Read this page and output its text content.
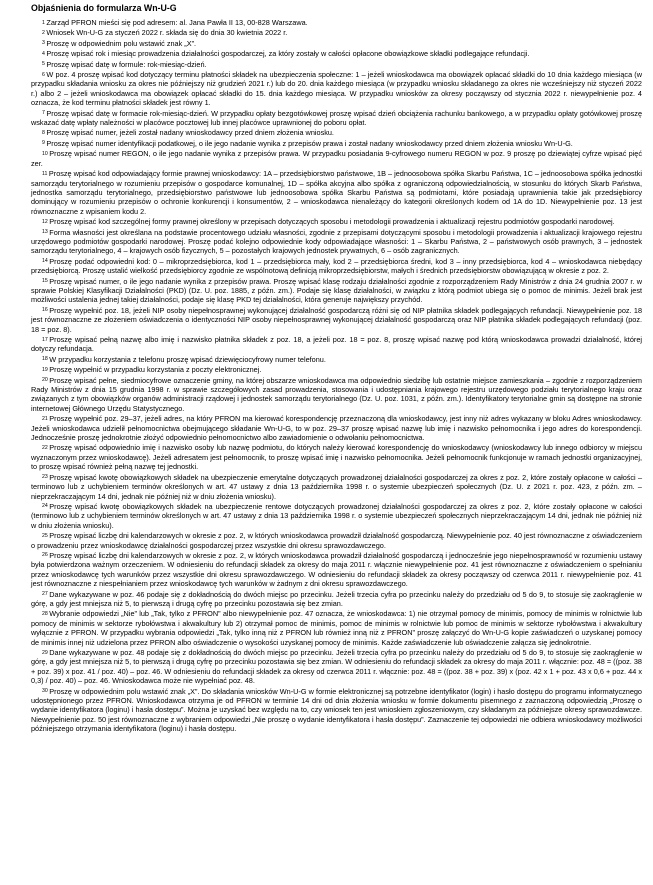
Objaśnienia do formularza Wn-U-G

$^1$ Zarząd PFRON mieści się pod adresem: al. Jana Pawła II 13, 00-828 Warszawa.

$^2$ Wniosek Wn-U-G za styczeń 2022 r. składa się do dnia 30 kwietnia 2022 r.

$^3$ Proszę w odpowiednim polu wstawić znak „X”.

$^4$ Proszę wpisać rok i miesiąc prowadzenia działalności gospodarczej, za który zostały w całości opłacone obowiązkowe składki podlegające refundacji.

$^5$ Proszę wpisać datę w formule: rok-miesiąc-dzień.

$^6$ W poz. 4 proszę wpisać kod dotyczący terminu płatności składek na ubezpieczenia społeczne: 1 – jeżeli wnioskodawca ma obowiązek opłacać składki do 10 dnia każdego miesiąca (w przypadku składania wniosku za okres nie późniejszy niż grudzień 2021 r.) lub do 20. dnia każdego miesiąca (w przypadku wniosku składanego za okres nie wcześniejszy niż styczeń 2022 r.) albo 2 – jeżeli wnioskodawca ma obowiązek opłacać składki do 15. dnia każdego miesiąca. W przypadku wniosków za okresy począwszy od stycznia 2022 r. niewypełnienie poz. 4 oznacza, że kod terminu płatności składek jest równy 1.

$^7$ Proszę wpisać datę w formacie rok-miesiąc-dzień. W przypadku opłaty bezgotówkowej proszę wpisać dzień obciążenia rachunku bankowego, a w przypadku opłaty gotówkowej proszę wskazać datę wpłaty należności w placówce pocztowej lub innej placówce uprawnionej do poboru opłat.

$^8$ Proszę wpisać numer, jeżeli został nadany wnioskodawcy przed dniem złożenia wniosku.

$^9$ Proszę wpisać numer identyfikacji podatkowej, o ile jego nadanie wynika z przepisów prawa i został nadany wnioskodawcy przed dniem złożenia wniosku Wn-U-G.

$^{10}$ Proszę wpisać numer REGON, o ile jego nadanie wynika z przepisów prawa. W przypadku posiadania 9-cyfrowego numeru REGON w poz. 9 proszę po dziewiątej cyfrze wpisać pięć zer.

$^{11}$ Proszę wpisać kod odpowiadający formie prawnej wnioskodawcy: 1A – przedsiębiorstwo państwowe, 1B – jednoosobowa spółka Skarbu Państwa, 1C – jednoosobowa spółka jednostki samorządu terytorialnego w rozumieniu przepisów o gospodarce komunalnej, 1D – spółka akcyjna albo spółka z ograniczoną odpowiedzialnością, w stosunku do których Skarb Państwa, jednostka samorządu terytorialnego, przedsiębiorstwo państwowe lub jednoosobowa spółka Skarbu Państwa są podmiotami, które posiadają uprawnienia takie jak przedsiębiorcy dominujący w rozumieniu przepisów o ochronie konkurencji i konsumentów, 2 – wnioskodawca nienależący do kategorii określonych kodem od 1A do 1D. Niewypełnienie poz. 13 jest równoznaczne z wpisaniem kodu 2.

$^{12}$ Proszę wpisać kod szczególnej formy prawnej określony w przepisach dotyczących sposobu i metodologii prowadzenia i aktualizacji rejestru podmiotów gospodarki narodowej.

$^{13}$ Forma własności jest określana na podstawie procentowego udziału własności, zgodnie z przepisami dotyczącymi sposobu i metodologii prowadzenia i aktualizacji krajowego rejestru urzędowego podmiotów gospodarki narodowej. Proszę podać kolejno odpowiednie kody odpowiadające własności: 1 – Skarbu Państwa, 2 – państwowych osób prawnych, 3 – jednostek samorządu terytorialnego, 4 – krajowych osób fizycznych, 5 – pozostałych krajowych jednostek prywatnych, 6 – osób zagranicznych.

$^{14}$ Proszę podać odpowiedni kod: 0 – mikroprzedsiębiorca, kod 1 – przedsiębiorca mały, kod 2 – przedsiębiorca średni, kod 3 – inny przedsiębiorca, kod 4 – wnioskodawca niebędący przedsiębiorcą. Proszę ustalić wielkość przedsiębiorcy zgodnie ze wspólnotową definicją mikroprzedsiębiorstw, małych i średnich przedsiębiorstw obowiązującą w okresie z poz. 2.

$^{15}$ Proszę wpisać numer, o ile jego nadanie wynika z przepisów prawa. Proszę wpisać klasę rodzaju działalności zgodnie z rozporządzeniem Rady Ministrów z dnia 24 grudnia 2007 r. w sprawie Polskiej Klasyfikacji Działalności (PKD) (Dz. U. poz. 1885, z późn. zm.). Podaje się klasę działalności, w związku z którą podmiot ubiega się o pomoc de minimis. Jeżeli brak jest możliwości ustalenia jednej takiej działalności, podaje się klasę PKD tej działalności, która generuje największy przychód.

$^{16}$ Proszę wypełnić poz. 18, jeżeli NIP osoby niepełnosprawnej wykonującej działalność gospodarczą różni się od NIP płatnika składek podlegających refundacji. Niewypełnienie poz. 18 jest równoznaczne ze złożeniem oświadczenia o identyczności NIP osoby niepełnosprawnej wykonującej działalność gospodarczą oraz NIP płatnika składek podlegających refundacji (poz. 18 = poz. 8).

$^{17}$ Proszę wpisać pełną nazwę albo imię i nazwisko płatnika składek z poz. 18, a jeżeli poz. 18 = poz. 8, proszę wpisać nazwę pod którą wnioskodawca prowadzi działalność, której dotyczy refundacja.

$^{18}$ W przypadku korzystania z telefonu proszę wpisać dziewięciocyfrowy numer telefonu.

$^{19}$ Proszę wypełnić w przypadku korzystania z poczty elektronicznej.

$^{20}$ Proszę wpisać pełne, siedmiocyfrowe oznaczenie gminy, na której obszarze wnioskodawca ma odpowiednio siedzibę lub ostatnie miejsce zamieszkania – zgodnie z rozporządzeniem Rady Ministrów z dnia 15 grudnia 1998 r. w sprawie szczegółowych zasad prowadzenia, stosowania i udostępniania krajowego rejestru urzędowego podziału terytorialnego kraju oraz związanych z tym obowiązków organów administracji rządowej i jednostek samorządu terytorialnego (Dz. U. poz. 1031, z późn. zm.). Identyfikatory terytorialne gmin są dostępne na stronie internetowej Głównego Urzędu Statystycznego.

$^{21}$ Proszę wypełnić poz. 29–37, jeżeli adres, na który PFRON ma kierować korespondencję przeznaczoną dla wnioskodawcy, jest inny niż adres wykazany w bloku Adres wnioskodawcy. Jeżeli wnioskodawca udzielił pełnomocnictwa obejmującego składanie Wn-U-G, to w poz. 29–37 proszę wpisać nazwę lub imię i nazwisko pełnomocnika i jego adres do korespondencji. Jednocześnie proszę jednokrotnie złożyć odpowiednio pełnomocnictwo albo zawiadomienie o odwołaniu pełnomocnictwa.

$^{22}$ Proszę wpisać odpowiednio imię i nazwisko osoby lub nazwę podmiotu, do których należy kierować korespondencję do wnioskodawcy (wnioskodawcy lub innego odbiorcy w miejscu wyznaczonym przez wnioskodawcę). Jeżeli adresatem jest pełnomocnik, to proszę wpisać imię i nazwisko pełnomocnika. Jeżeli pełnomocnik funkcjonuje w ramach jednostki organizacyjnej, to proszę wpisać również pełną nazwę tej jednostki.

$^{23}$ Proszę wpisać kwotę obowiązkowych składek na ubezpieczenie emerytalne dotyczących prowadzonej działalności gospodarczej za okres z poz. 2, które zostały opłacone w całości – terminowo lub z uchybieniem terminów określonych w art. 47 ustawy z dnia 13 października 1998 r. o systemie ubezpieczeń społecznych (Dz. U. z 2021 r. poz. 423, z późn. zm. – nieprzekraczającym 14 dni, jednak nie później niż w dniu złożenia wniosku).

$^{24}$ Proszę wpisać kwotę obowiązkowych składek na ubezpieczenie rentowe dotyczących prowadzonej działalności gospodarczej za okres z poz. 2, które zostały opłacone w całości (terminowo lub z uchybieniem terminów określonych w art. 47 ustawy z dnia 13 października 1998 r. o systemie ubezpieczeń społecznych nieprzekraczającym 14 dni, jednak nie później niż w dniu złożenia wniosku).

$^{25}$ Proszę wpisać liczbę dni kalendarzowych w okresie z poz. 2, w których wnioskodawca prowadził działalność gospodarczą. Niewypełnienie poz. 40 jest równoznaczne z oświadczeniem o prowadzeniu przez wnioskodawcę działalności gospodarczej przez wszystkie dni okresu sprawozdawczego.

$^{26}$ Proszę wpisać liczbę dni kalendarzowych w okresie z poz. 2, w których wnioskodawca prowadził działalność gospodarczą i jednocześnie jego niepełnosprawność w rozumieniu ustawy była potwierdzona ważnym orzeczeniem. W odniesieniu do refundacji składek za okresy do maja 2011 r. włącznie niewypełnienie poz. 41 jest równoznaczne z oświadczeniem o spełnianiu przez wnioskodawcę tych warunków przez wszystkie dni okresu sprawozdawczego. W odniesieniu do refundacji składek za okresy począwszy od czerwca 2011 r. niewypełnienie poz. 41 jest równoznaczne z niespełnianiem przez wnioskodawcę tych warunków w żadnym z dni okresu sprawozdawczego.

$^{27}$ Dane wykazywane w poz. 46 podaje się z dokładnością do dwóch miejsc po przecinku. Jeżeli trzecia cyfra po przecinku należy do przedziału od 5 do 9, to stosuje się zaokrąglenie w górę, a gdy jest mniejsza niż 5, to pierwszą i drugą cyfrę po przecinku pozostawia się bez zmian.

$^{28}$ Wybranie odpowiedzi „Nie” lub „Tak, tylko z PFRON” albo niewypełnienie poz. 47 oznacza, że wnioskodawca: 1) nie otrzymał pomocy de minimis, pomocy de minimis w rolnictwie lub pomocy de minimis w sektorze rybołówstwa i akwakultury lub 2) otrzymał pomoc de minimis, pomoc de minimis w rolnictwie lub pomoc de minimis w sektorze rybołówstwa i akwakultury wyłącznie z PFRON. W przypadku wybrania odpowiedzi „Tak, tylko inną niż z PFRON lub również inną niż z PFRON” proszę załączyć do Wn-U-G kopie zaświadczeń o uzyskanej pomocy de minimis innej niż udzielona przez PFRON albo oświadczenie o wysokości uzyskanej pomocy de minimis. Każde zaświadczenie lub oświadczenie załącza się jednokrotnie.

$^{29}$ Dane wykazywane w poz. 48 podaje się z dokładnością do dwóch miejsc po przecinku. Jeżeli trzecia cyfra po przecinku należy do przedziału od 5 do 9, to stosuje się zaokrąglenie w górę, a gdy jest mniejsza niż 5, to pierwszą i drugą cyfrę po przecinku pozostawia się bez zmian. W odniesieniu do refundacji składek za okresy do maja 2011 r. włącznie: poz. 48 = ((poz. 38 + poz. 39) x poz. 41 / poz. 40) – poz. 46. W odniesieniu do refundacji składek za okresy od czerwca 2011 r. włącznie: poz. 48 = ((poz. 38 + poz. 39) x (poz. 42 x 1 + poz. 43 x 0,6 + poz. 44 x 0,3) / poz. 40) – poz. 46. Wnioskodawca może nie wypełniać poz. 48.

$^{30}$ Proszę w odpowiednim polu wstawić znak „X”. Do składania wniosków Wn-U-G w formie elektronicznej są potrzebne identyfikator (login) i hasło dostępu do programu informatycznego udostępnionego przez PFRON. Wnioskodawca otrzyma je od PFRON w terminie 14 dni od dnia złożenia wniosku w formie dokumentu pisemnego z zaznaczoną odpowiedzią „Proszę o wydanie identyfikatora (loginu) i hasła dostępu”. Można je uzyskać bez względu na to, czy wniosek ten jest wnioskiem zgłoszeniowym, czy składanym za późniejsze okresy sprawozdawcze. Niewypełnienie poz. 50 jest równoznaczne z wybraniem odpowiedzi „Nie proszę o wydanie identyfikatora i hasła dostępu”. Zaznaczenie tej odpowiedzi nie odbiera wnioskodawcy możliwości późniejszego otrzymania identyfikatora (loginu) i hasła dostępu.
